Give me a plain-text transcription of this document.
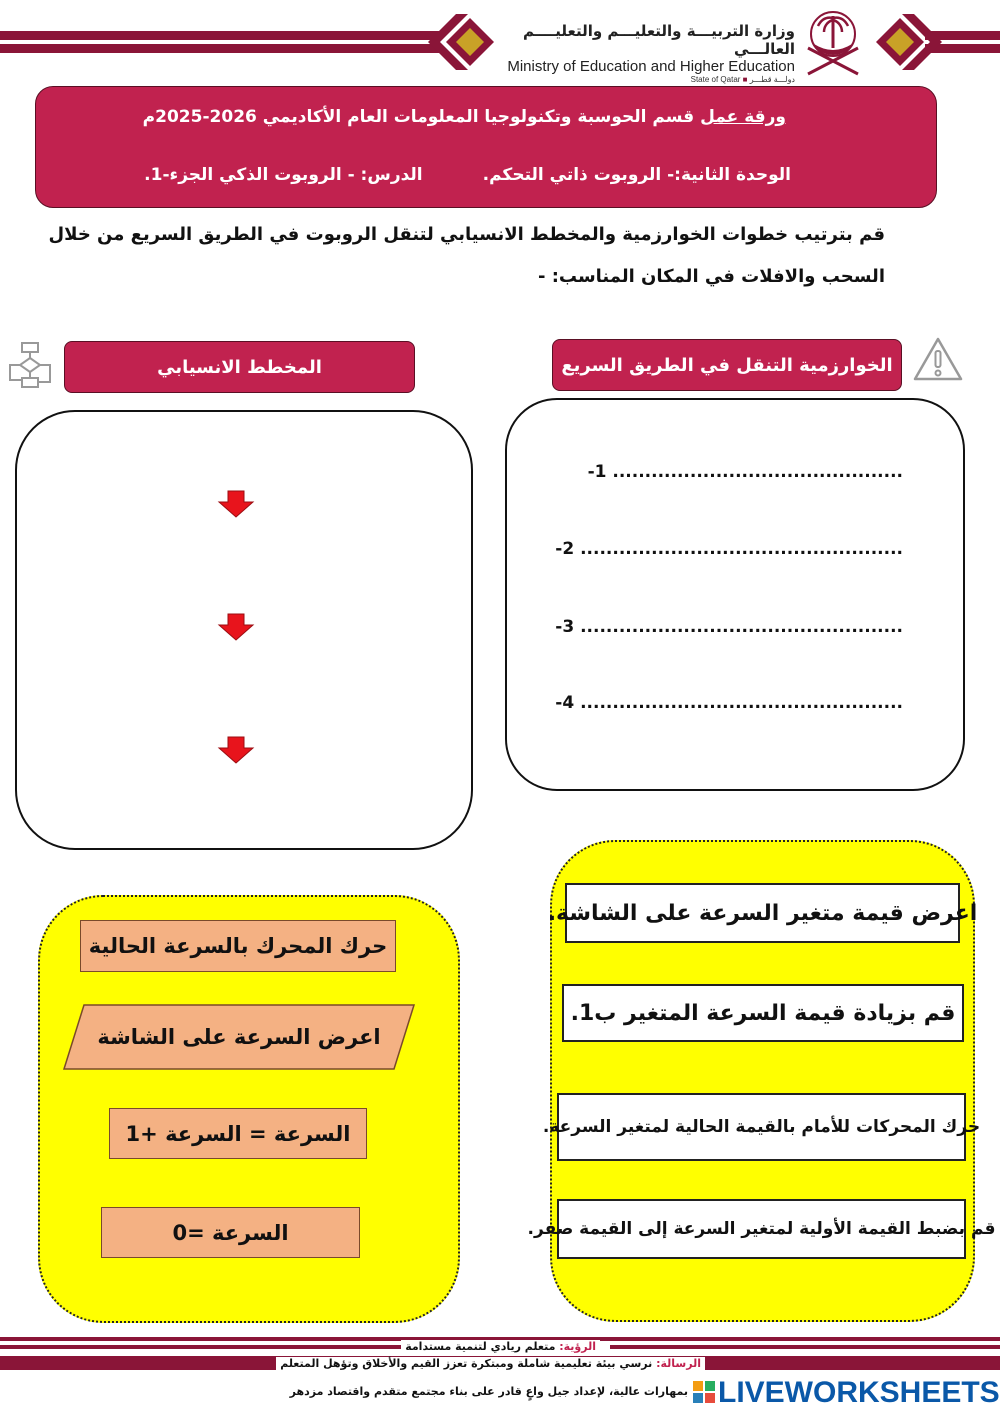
وزارة التربيـــة والتعليـــم والتعليــــم العالـــي
Ministry of Education and Higher Education
State of Qatar ■ دولـــة قطـــر
ورقة عمل قسم الحوسبة وتكنولوجيا المعلومات العام الأكاديمي 2026-2025م
الوحدة الثانية:- الروبوت ذاتي التحكم.الدرس: - الروبوت الذكي الجزء-1.
قم بترتيب خطوات الخوارزمية والمخطط الانسيابي لتنقل الروبوت في الطريق السريع من خلال
السحب والافلات في المكان المناسب: -
الخوارزمية التنقل في الطريق السريع
المخطط الانسيابي
-1 .............................................
-2 ..................................................
-3 ..................................................
-4 ..................................................
اعرض قيمة متغير السرعة على الشاشة.
قم بزيادة قيمة السرعة المتغير ب1.
حرك المحركات للأمام بالقيمة الحالية لمتغير السرعة.
قم بضبط القيمة الأولية لمتغير السرعة إلى القيمة صفر.
حرك المحرك بالسرعة الحالية
اعرض السرعة على الشاشة
السرعة = السرعة +1
السرعة =0
الرؤية: متعلم ريادي لتنمية مستدامة
الرسالة: نرسي بيئة تعليمية شاملة ومبتكرة تعزز القيم والأخلاق وتؤهل المتعلم
بمهارات عالية، لإعداد جيل واعٍ قادر على بناء مجتمع متقدم واقتصاد مزدهر LIVEWORKSHEETS
